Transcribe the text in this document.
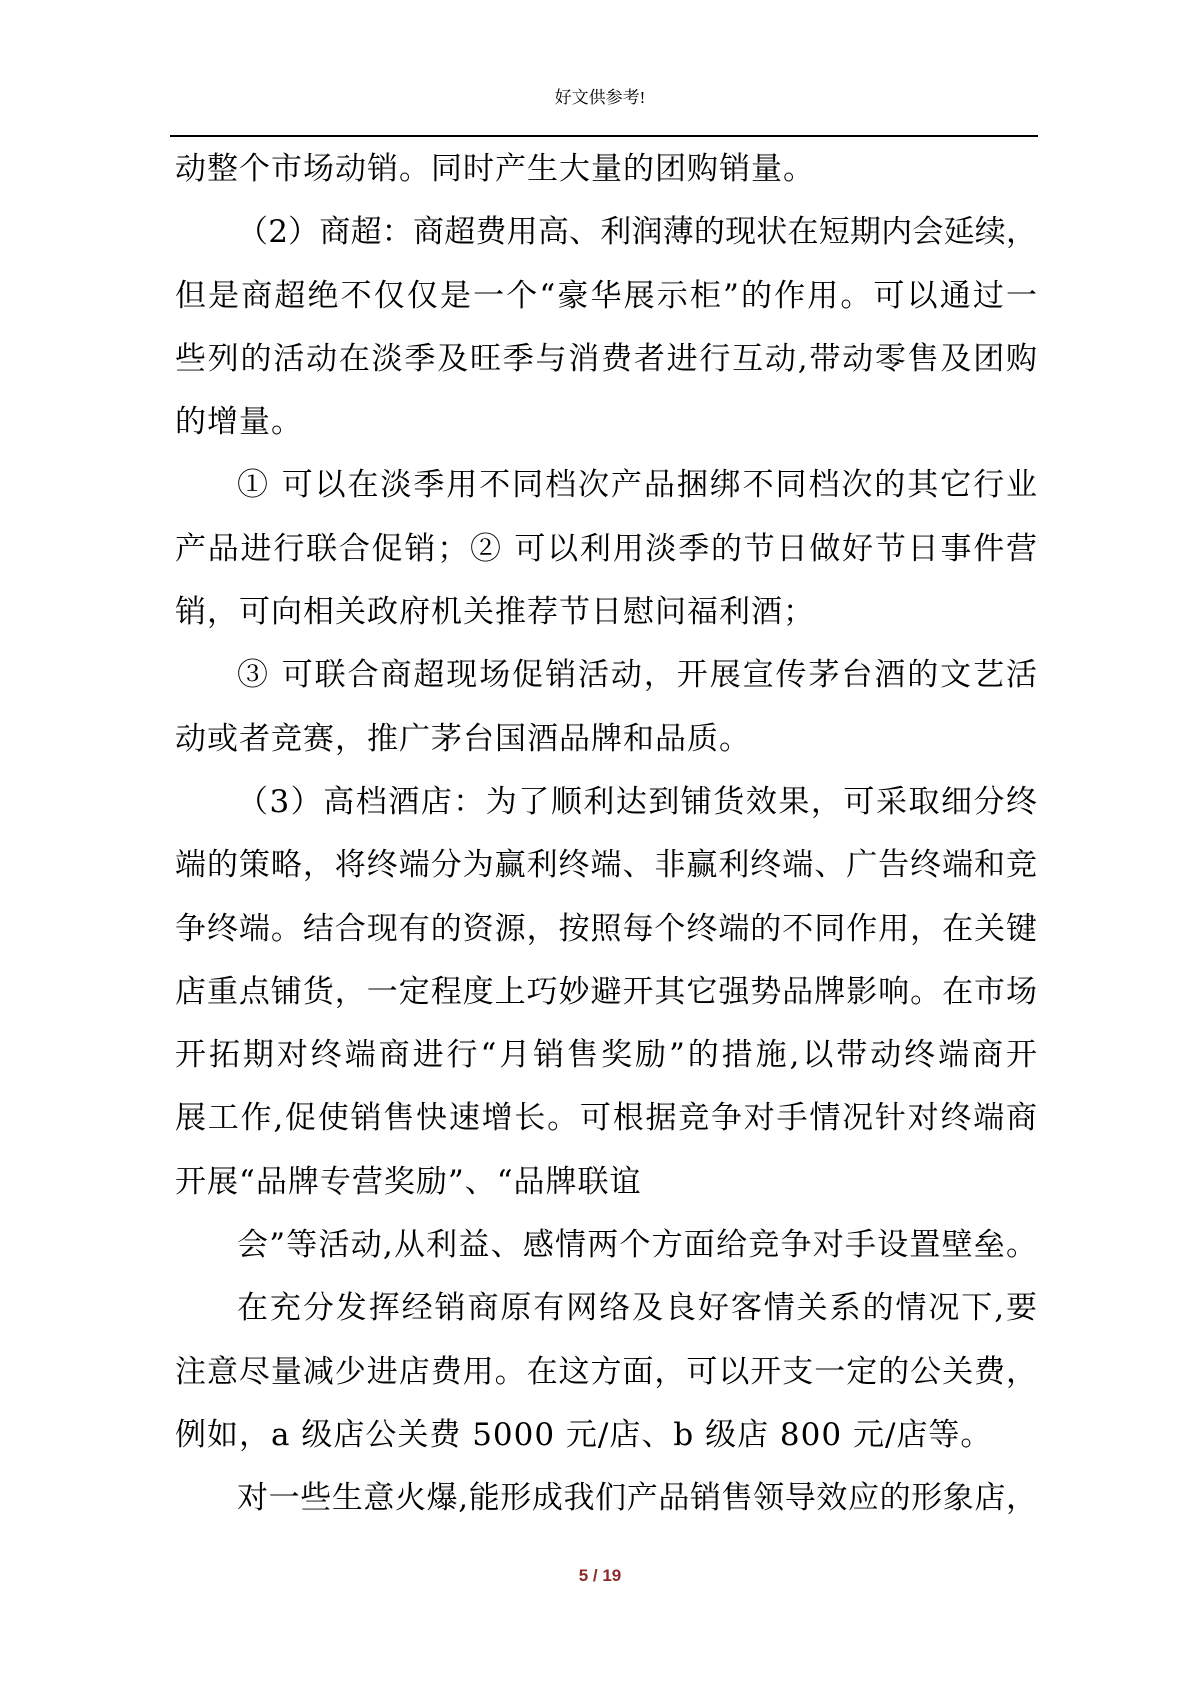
好文供参考!
动整个市场动销。同时产生大量的团购销量。
（2）商超：商超费用高、利润薄的现状在短期内会延续，
但是商超绝不仅仅是一个“豪华展示柜”的作用。可以通过一
些列的活动在淡季及旺季与消费者进行互动,带动零售及团购
的增量。
① 可以在淡季用不同档次产品捆绑不同档次的其它行业
产品进行联合促销；② 可以利用淡季的节日做好节日事件营
销，可向相关政府机关推荐节日慰问福利酒；
③ 可联合商超现场促销活动，开展宣传茅台酒的文艺活
动或者竞赛，推广茅台国酒品牌和品质。
（3）高档酒店：为了顺利达到铺货效果，可采取细分终
端的策略，将终端分为赢利终端、非赢利终端、广告终端和竞
争终端。结合现有的资源，按照每个终端的不同作用，在关键
店重点铺货，一定程度上巧妙避开其它强势品牌影响。在市场
开拓期对终端商进行“月销售奖励”的措施,以带动终端商开
展工作,促使销售快速增长。可根据竞争对手情况针对终端商
开展“品牌专营奖励”、“品牌联谊
会”等活动,从利益、感情两个方面给竞争对手设置壁垒。
在充分发挥经销商原有网络及良好客情关系的情况下,要
注意尽量减少进店费用。在这方面，可以开支一定的公关费，
例如，a 级店公关费 5000 元/店、b 级店 800 元/店等。
对一些生意火爆,能形成我们产品销售领导效应的形象店，
5 / 19
